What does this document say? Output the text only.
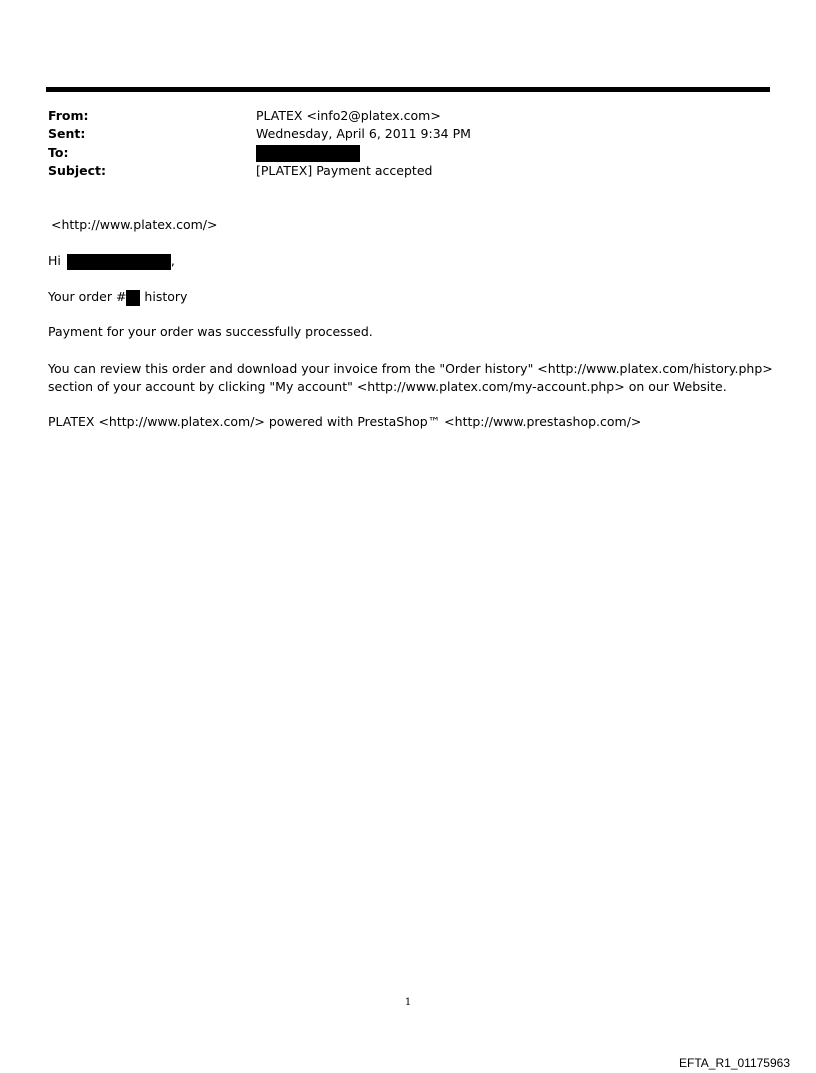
From:	PLATEX <info2@platex.com>
Sent:	Wednesday, April 6, 2011 9:34 PM
To:
Subject:	[PLATEX] Payment accepted
<http://www.platex.com/>
Hi	,
Your order # history
Payment for your order was successfully processed.
You can review this order and download your invoice from the "Order history" <http://www.platex.com/history.php>
section of your account by clicking "My account" <http://www.platex.com/my-account.php> on our Website.
PLATEX <http://www.platex.com/> powered with PrestaShop™ <http://www.prestashop.com/>
1
EFTA_R1_01175963
